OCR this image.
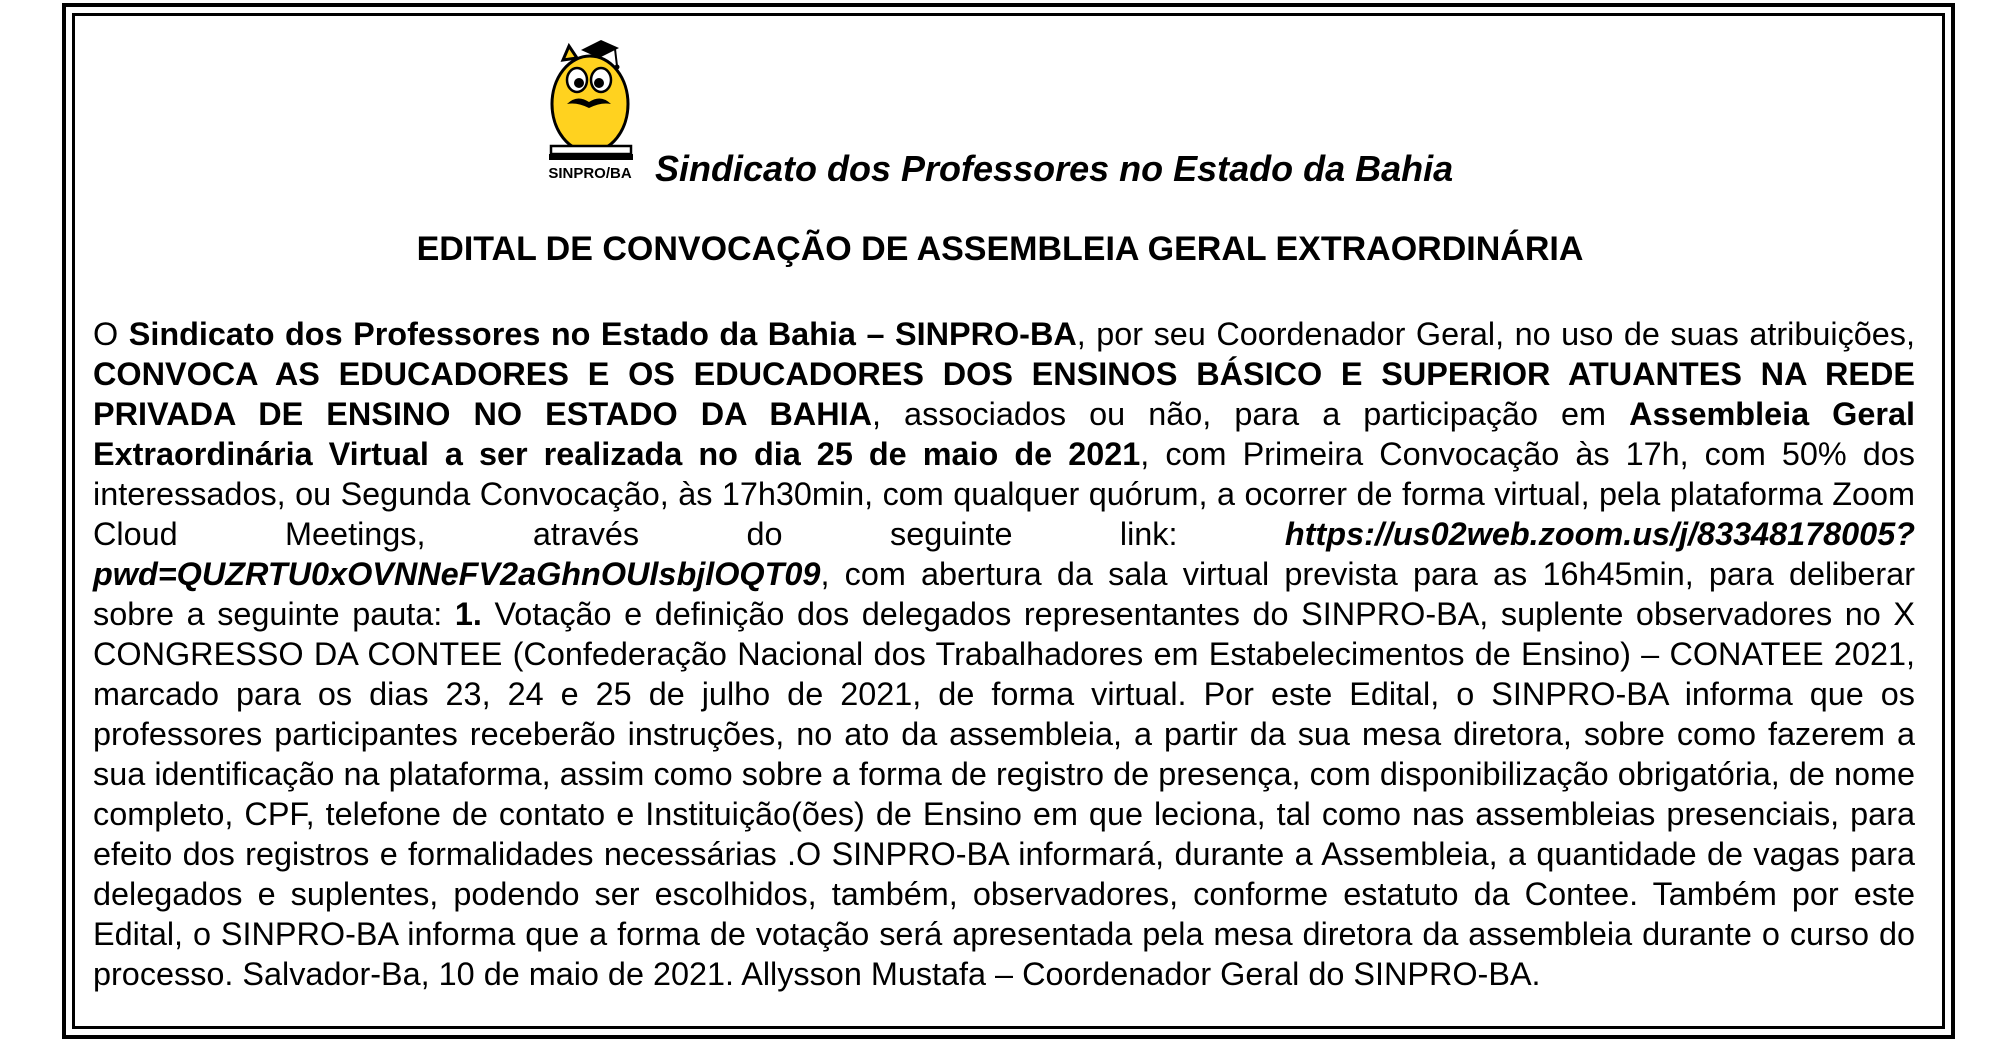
SINPRO/BA Sindicato dos Professores no Estado da Bahia
EDITAL DE CONVOCAÇÃO DE ASSEMBLEIA GERAL EXTRAORDINÁRIA
O Sindicato dos Professores no Estado da Bahia – SINPRO-BA, por seu Coordenador Geral, no uso de suas atribuições, CONVOCA AS EDUCADORES E OS EDUCADORES DOS ENSINOS BÁSICO E SUPERIOR ATUANTES NA REDE PRIVADA DE ENSINO NO ESTADO DA BAHIA, associados ou não, para a participação em Assembleia Geral Extraordinária Virtual a ser realizada no dia 25 de maio de 2021, com Primeira Convocação às 17h, com 50% dos interessados, ou Segunda Convocação, às 17h30min, com qualquer quórum, a ocorrer de forma virtual, pela plataforma Zoom Cloud Meetings, através do seguinte link: https://us02web.zoom.us/j/83348178005?pwd=QUZRTU0xOVNNeFV2aGhnOUlsbjlOQT09, com abertura da sala virtual prevista para as 16h45min, para deliberar sobre a seguinte pauta: 1. Votação e definição dos delegados representantes do SINPRO-BA, suplente observadores no X CONGRESSO DA CONTEE (Confederação Nacional dos Trabalhadores em Estabelecimentos de Ensino) – CONATEE 2021, marcado para os dias 23, 24 e 25 de julho de 2021, de forma virtual. Por este Edital, o SINPRO-BA informa que os professores participantes receberão instruções, no ato da assembleia, a partir da sua mesa diretora, sobre como fazerem a sua identificação na plataforma, assim como sobre a forma de registro de presença, com disponibilização obrigatória, de nome completo, CPF, telefone de contato e Instituição(ões) de Ensino em que leciona, tal como nas assembleias presenciais, para efeito dos registros e formalidades necessárias .O SINPRO-BA informará, durante a Assembleia, a quantidade de vagas para delegados e suplentes, podendo ser escolhidos, também, observadores, conforme estatuto da Contee. Também por este Edital, o SINPRO-BA informa que a forma de votação será apresentada pela mesa diretora da assembleia durante o curso do processo. Salvador-Ba, 10 de maio de 2021. Allysson Mustafa – Coordenador Geral do SINPRO-BA.
